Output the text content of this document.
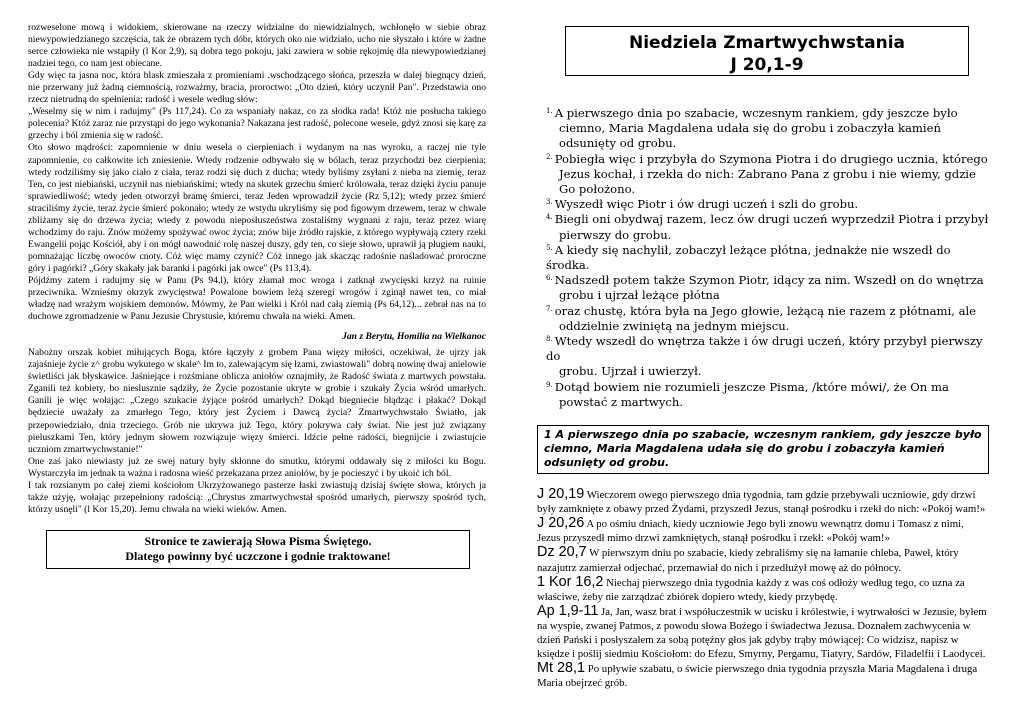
rozweselone mową i widokiem, skierowane na rzeczy widzialne do niewidzialnych, wchłonęło w siebie obraz niewypowiedzianego szczęścia, tak że obrazem tych dóbr, których oko nie widziało, ucho nie słyszało i które w żadne serce człowieka nie wstąpiły (l Kor 2,9), są dobra tego pokoju, jaki zawiera w sobie rękojmię dla niewypowiedzianej nadziei tego, co nam jest obiecane.

Gdy więc ta jasna noc, która blask zmieszała z promieniami .wschodzącego słońca, przeszła w dalej biegnący dzień, nie przerwany już żadną ciemnością, rozważmy, bracia, proroctwo: „Oto dzień, który uczynił Pan". Przedstawia ono rzecz nietrudną do spełnienia: radość i wesele według słów:

„Weselmy się w nim i radujmy" (Ps 117,24). Co za wspaniały nakaz, co za słodka rada! Któż nie posłucha takiego polecenia? Któż zaraz nie przystąpi do jego wykonania? Nakazana jest radość, polecone wesele, gdyż znosi się karę za grzechy i ból zmienia się w radość.

Oto słowo mądrości: zapomnienie w dniu wesela o cierpieniach i wydanym na nas wyroku, a raczej nie tyle zapomnienie, co całkowite ich zniesienie. Wtedy rodzenie odbywało się w bólach, teraz przychodzi bez cierpienia; wtedy rodziliśmy się jako ciało z ciała, teraz rodzi się duch z ducha; wtedy byliśmy zsyłani z nieba na ziemię, teraz Ten, co jest niebiański, uczynił nas niebiańskimi; wtedy na skutek grzechu śmierć królowała, teraz dzięki życiu panuje sprawiedliwość; wtedy jeden otworzył bramę śmierci, teraz Jeden wprowadził życie (Rz 5,12); wtedy przez śmierć straciliśmy życie, teraz życie śmierć pokonało; wtedy ze wstydu ukryliśmy się pod figowym drzewem, teraz w chwale zbliżamy się do drzewa życia; wtedy z powodu nieposłuszeństwa zostaliśmy wygnani z raju, teraz przez wiarę wchodzimy do raju. Znów możemy spożywać owoc życia; znów bije źródło rajskie, z którego wypływają cztery rzeki Ewangelii pojąc Kościół, aby i on mógł nawodnić rolę naszej duszy, gdy ten, co sieje słowo, uprawił ją pługiem nauki, pomnażając liczbę owoców cnoty. Cóż więc mamy czynić? Cóż innego jak skacząc radośnie naśladować proroczne góry i pagórki? „Góry skakały jak baranki i pagórki jak owce" (Ps 113,4).

Pójdźmy zatem i radujmy się w Panu (Ps 94,l), który złamał moc wroga i zatknął zwycięski krzyż na ruinie przeciwnika. Wznieśmy okrzyk zwycięstwa! Powalone bowiem leżą szeregi wrogów i zginął nawet ten, co miał władzę nad wrażym wojskiem demonów. Mówmy, że Pan wielki i Król nad całą ziemią (Ps 64,12)... zebrał nas na to duchowe zgromadzenie w Panu Jezusie Chrystusie, któremu chwała na wieki. Amen.

Jan z Berytu, Homilia na Wielkanoc

Nabożny orszak kobiet miłujących Boga, które łączyły z grobem Pana więzy miłości, oczekiwał, że ujrzy jak zajaśnieje życie z^ grobu wykutego w skale^ Im to, zalewającym się łzami, zwiastowali" dobrą nowinę dwaj anielowie świetliści jak błyskawice. Jaśniejące i rozśmiane oblicza aniołów oznajmiły, że Radość świata z martwych powstała. Zganili też kobiety, bo nieslusznie sądziły, że Życie pozostanie ukryte w grobie i szukały Życia wśród umarłych. Ganili je więc wołając: „Czego szukacie żyjące pośród umarłych? Dokąd biegniecie błądząc i płakać? Dokąd będziecie uważały za zmarłego Tego, który jest Życiem i Dawcą życia? Zmartwychwstało Światło, jak przepowiedziało, dnia trzeciego. Grób nie ukrywa już Tego, który pokrywa cały świat. Nie jest już związany pieluszkami Ten, który jednym słowem rozwiązuje więzy śmierci. Idźcie pełne radości, biegnijcie i zwiastujcie uczniom zmartwychwstanie!"

One zaś jako niewiasty już ze swej natury były skłonne do smutku, którymi oddawały się z miłości ku Bogu. Wystarczyła im jednak ta ważna i radosna wieść przekazana przez aniołów, by je pocieszyć i by ukoić ich ból.

I tak rozsianym po całej ziemi kościołom Ukrzyżowanego pasterze łaski zwiastują dzisiaj święte słowa, których ja także użyję, wołając przepełniony radością: „Chrystus zmartwychwstał spośród umarłych, pierwszy spośród tych, którzy usnęli" (l Kor 15,20). Jemu chwała na wieki wieków. Amen.

Stronice te zawierają Słowa Pisma Świętego.
Dlatego powinny być uczczone i godnie traktowane!
Niedziela Zmartwychwstania
J 20,1-9
$^{1.}$ A pierwszego dnia po szabacie, wczesnym rankiem, gdy jeszcze było
ciemno, Maria Magdalena udała się do grobu i zobaczyła kamień odsunięty od grobu.
$^{2.}$ Pobiegła więc i przybyła do Szymona Piotra i do drugiego ucznia, którego
Jezus kochał, i rzekła do nich: Zabrano Pana z grobu i nie wiemy, gdzie Go położono.
$^{3.}$ Wyszedł więc Piotr i ów drugi uczeń i szli do grobu.
$^{4.}$ Biegli oni obydwaj razem, lecz ów drugi uczeń wyprzedził Piotra i przybył
pierwszy do grobu.
$^{5.}$ A kiedy się nachylił, zobaczył leżące płótna, jednakże nie wszedł do środka.
$^{6.}$ Nadszedł potem także Szymon Piotr, idący za nim. Wszedł on do wnętrza
grobu i ujrzał leżące płótna
$^{7.}$ oraz chustę, która była na Jego głowie, leżącą nie razem z płótnami, ale
oddzielnie zwiniętą na jednym miejscu.
$^{8.}$ Wtedy wszedł do wnętrza także i ów drugi uczeń, który przybył pierwszy do
grobu. Ujrzał i uwierzył.
$^{9.}$ Dotąd bowiem nie rozumieli jeszcze Pisma, /które mówi/, że On ma
powstać z martwych.
1 A pierwszego dnia po szabacie, wczesnym rankiem, gdy jeszcze było ciemno, Maria Magdalena udała się do grobu i zobaczyła kamień odsunięty od grobu.

J 20,19 Wieczorem owego pierwszego dnia tygodnia, tam gdzie przebywali uczniowie, gdy drzwi były zamknięte z obawy przed Żydami, przyszedł Jezus, stanął pośrodku i rzekł do nich: «Pokój wam!»

J 20,26 A po ośmiu dniach, kiedy uczniowie Jego byli znowu wewnątrz domu i Tomasz z nimi, Jezus przyszedł mimo drzwi zamkniętych, stanął pośrodku i rzekł: «Pokój wam!»

Dz 20,7 W pierwszym dniu po szabacie, kiedy zebraliśmy się na łamanie chleba, Paweł, który nazajutrz zamierzał odjechać, przemawiał do nich i przedłużył mowę aż do północy.

1 Kor 16,2 Niechaj pierwszego dnia tygodnia każdy z was coś odłoży według tego, co uzna za właściwe, żeby nie zarządzać zbiórek dopiero wtedy, kiedy przybędę.

Ap 1,9-11 Ja, Jan, wasz brat i współuczestnik w ucisku i królestwie, i wytrwałości w Jezusie, byłem na wyspie, zwanej Patmos, z powodu słowa Bożego i świadectwa Jezusa. Doznałem zachwycenia w dzień Pański i posłyszałem za sobą potężny głos jak gdyby trąby mówiącej: Co widzisz, napisz w księdze i poślij siedmiu Kościołom: do Efezu, Smyrny, Pergamu, Tiatyry, Sardów, Filadelfii i Laodycei.

Mt 28,1 Po upływie szabatu, o świcie pierwszego dnia tygodnia przyszła Maria Magdalena i druga Maria obejrzeć grób.
